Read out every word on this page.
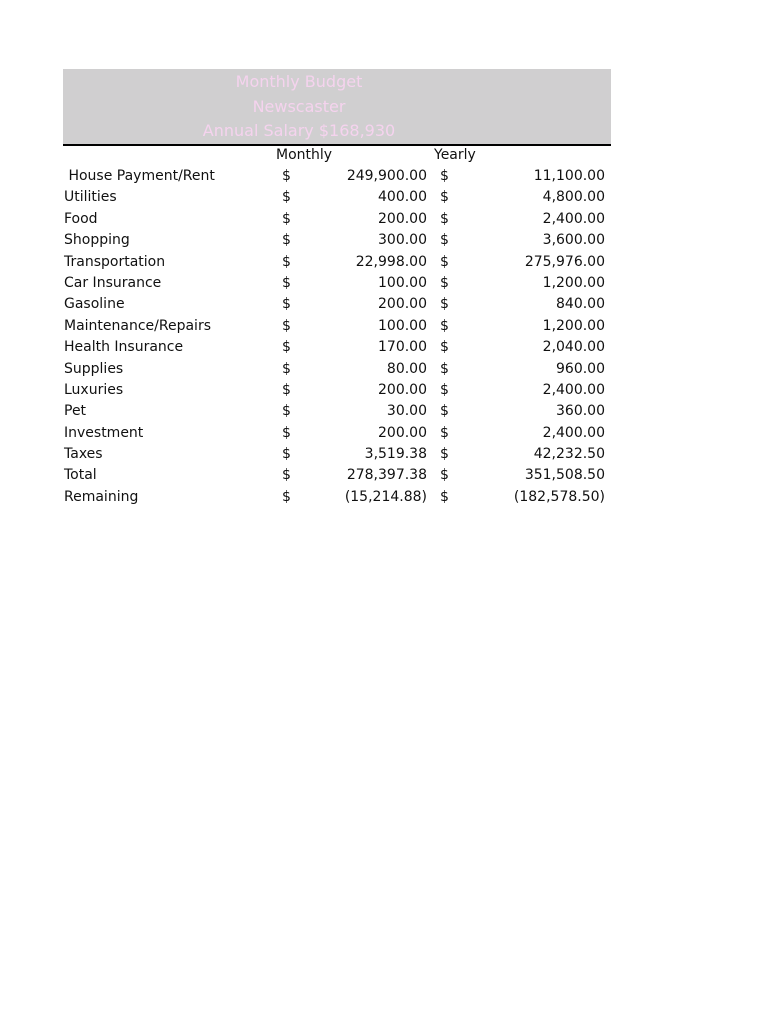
Monthly Budget
Newscaster
Annual Salary $168,930
Monthly	Yearly
House Payment/Rent	$	249,900.00 $	11,100.00
Utilities	$	400.00 $	4,800.00
Food	$	200.00 $	2,400.00
Shopping	$	300.00 $	3,600.00
Transportation	$	22,998.00 $	275,976.00
Car Insurance	$	100.00 $	1,200.00
Gasoline	$	200.00 $	840.00
Maintenance/Repairs	$	100.00 $	1,200.00
Health Insurance	$	170.00 $	2,040.00
Supplies	$	80.00 $	960.00
Luxuries	$	200.00 $	2,400.00
Pet	$	30.00 $	360.00
Investment	$	200.00 $	2,400.00
Taxes	$	3,519.38 $	42,232.50
Total	$	278,397.38 $	351,508.50
Remaining	$	(15,214.88) $	(182,578.50)
